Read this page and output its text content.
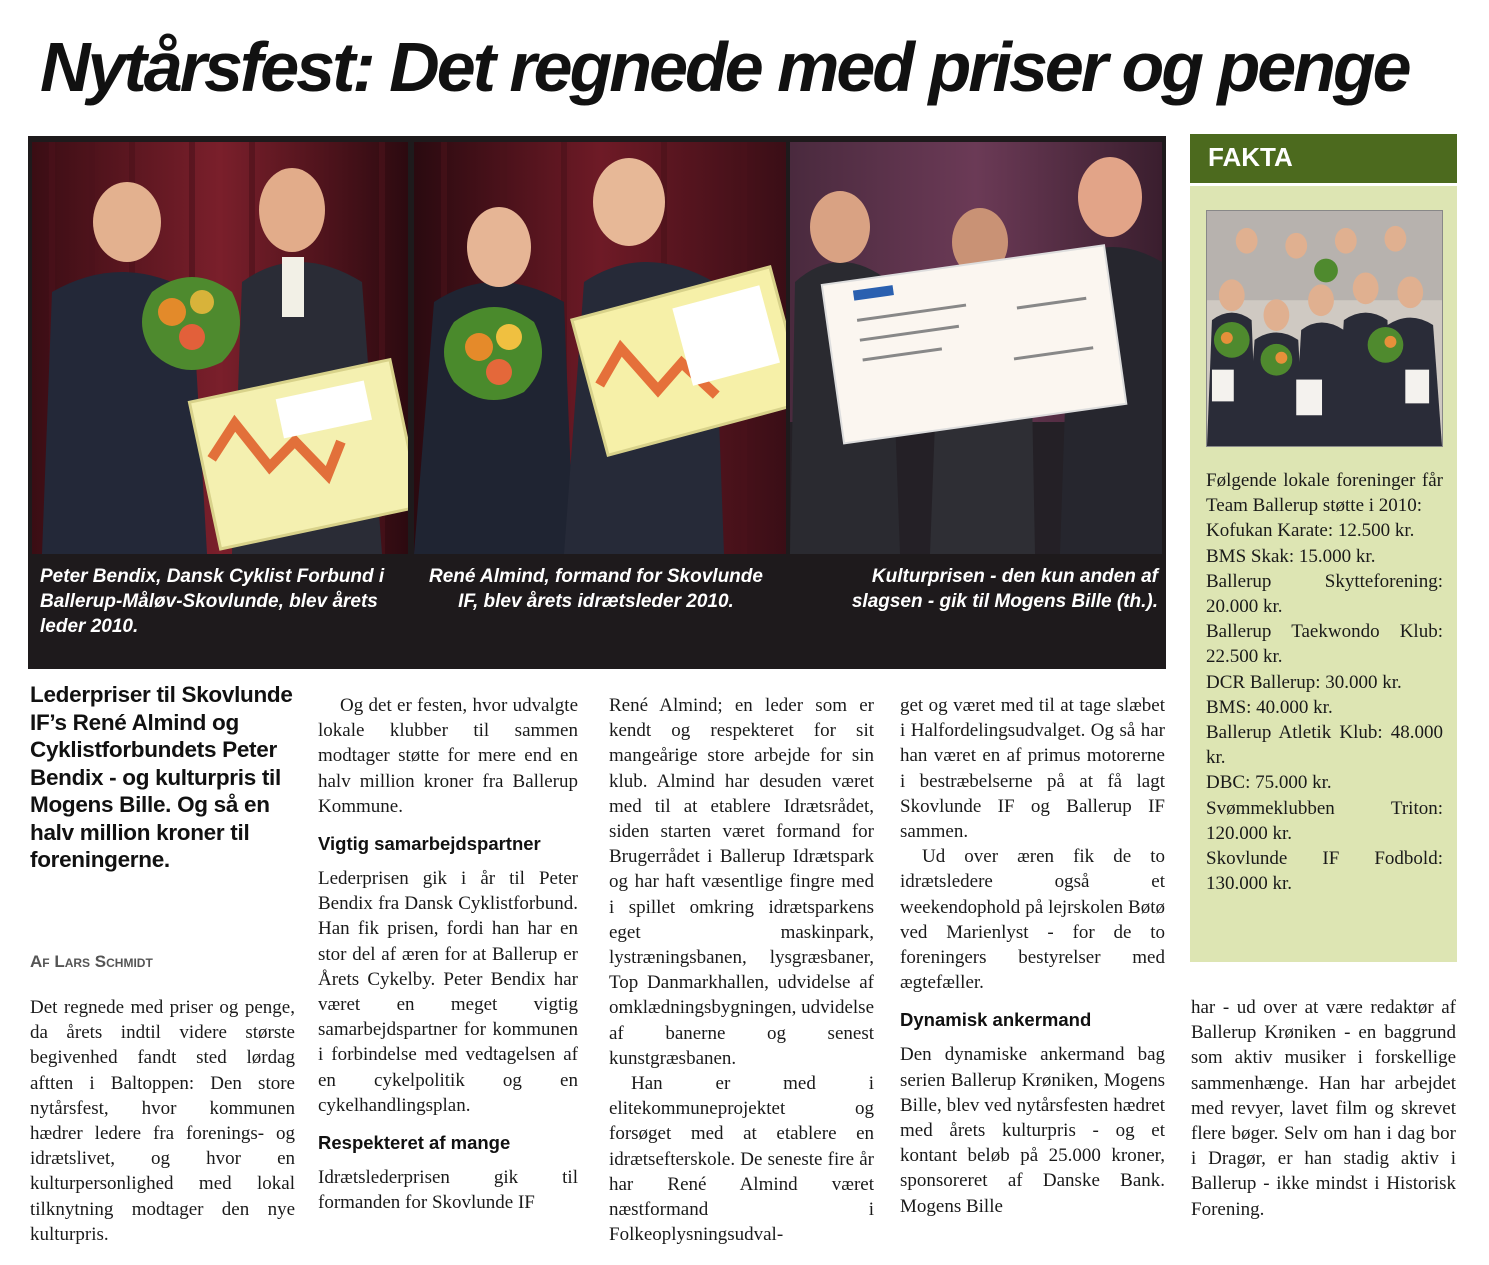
Nytårsfest: Det regnede med priser og penge
Peter Bendix, Dansk Cyklist Forbund i Ballerup-Måløv-Skovlunde, blev årets leder 2010.
René Almind, formand for Skovlunde IF, blev årets idrætsleder 2010.
Kulturprisen - den kun anden af slagsen - gik til Mogens Bille (th.).
Lederpriser til Skovlunde IF’s René Almind og Cyklistforbundets Peter Bendix - og kulturpris til Mogens Bille. Og så en halv million kroner til foreningerne.
Af Lars Schmidt

Det regnede med priser og penge, da årets indtil videre største begivenhed fandt sted lørdag aftten i Baltoppen: Den store nytårsfest, hvor kommunen hædrer ledere fra forenings- og idrætslivet, og hvor en kulturpersonlighed med lokal tilknytning modtager den nye kulturpris.

Og det er festen, hvor udvalgte lokale klubber til sammen modtager støtte for mere end en halv million kroner fra Ballerup Kommune.

Vigtig samarbejdspartner

Lederprisen gik i år til Peter Bendix fra Dansk Cyklistforbund. Han fik prisen, fordi han har en stor del af æren for at Ballerup er Årets Cykelby. Peter Bendix har været en meget vigtig samarbejdspartner for kommunen i forbindelse med vedtagelsen af en cykelpolitik og en cykelhandlingsplan.

Respekteret af mange

Idrætslederprisen gik til formanden for Skovlunde IF

René Almind; en leder som er kendt og respekteret for sit mangeårige store arbejde for sin klub. Almind har desuden været med til at etablere Idrætsrådet, siden starten været formand for Brugerrådet i Ballerup Idrætspark og har haft væsentlige fingre med i spillet omkring idrætsparkens eget maskinpark, lystræningsbanen, lysgræsbaner, Top Danmarkhallen, udvidelse af omklædningsbygningen, udvidelse af banerne og senest kunstgræsbanen.

Han er med i elitekommuneprojektet og forsøget med at etablere en idrætsefterskole. De seneste fire år har René Almind været næstformand i Folkeoplysningsudval-

get og været med til at tage slæbet i Halfordelingsudvalget. Og så har han været en af primus motorerne i bestræbelserne på at få lagt Skovlunde IF og Ballerup IF sammen.

Ud over æren fik de to idrætsledere også et weekendophold på lejrskolen Bøtø ved Marienlyst - for de to foreningers bestyrelser med ægtefæller.

Dynamisk ankermand

Den dynamiske ankermand bag serien Ballerup Krøniken, Mogens Bille, blev ved nytårsfesten hædret med årets kulturpris - og et kontant beløb på 25.000 kroner, sponsoreret af Danske Bank. Mogens Bille

har - ud over at være redaktør af Ballerup Krøniken - en baggrund som aktiv musiker i forskellige sammenhænge. Han har arbejdet med revyer, lavet film og skrevet flere bøger. Selv om han i dag bor i Dragør, er han stadig aktiv i Ballerup - ikke mindst i Historisk Forening.

FAKTA

Følgende lokale foreninger får Team Ballerup støtte i 2010:

Kofukan Karate: 12.500 kr.

BMS Skak: 15.000 kr.

Ballerup Skytteforening: 20.000 kr.

Ballerup Taekwondo Klub: 22.500 kr.

DCR Ballerup: 30.000 kr.

BMS: 40.000 kr.

Ballerup Atletik Klub: 48.000 kr.

DBC: 75.000 kr.

Svømmeklubben Triton: 120.000 kr.

Skovlunde IF Fodbold: 130.000 kr.
